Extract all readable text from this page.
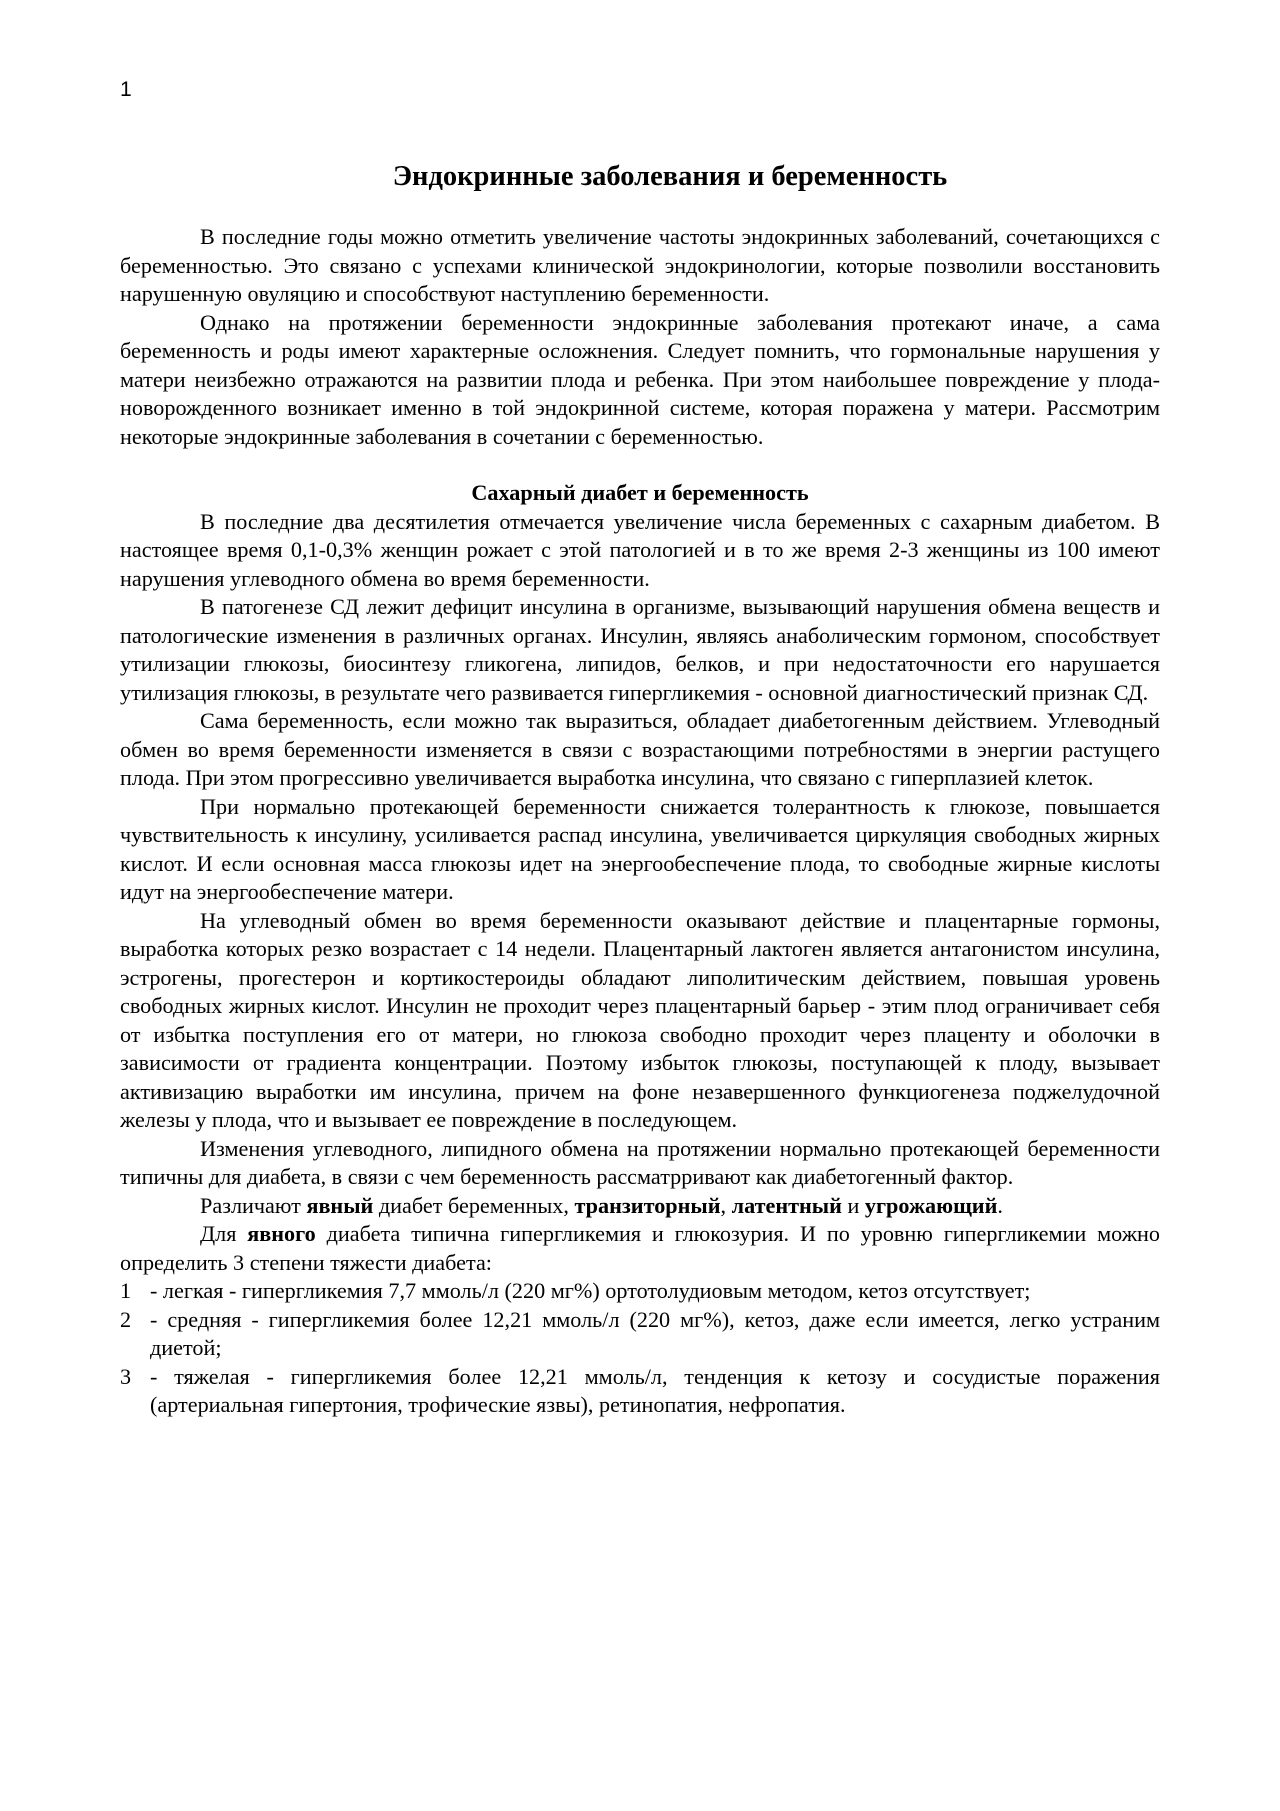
1
Эндокринные заболевания и беременность

В последние годы можно отметить увеличение частоты эндокринных заболеваний, сочетающихся с беременностью. Это связано с успехами клинической эндокринологии, которые позволили восстановить нарушенную овуляцию и способствуют наступлению беременности.

Однако на протяжении беременности эндокринные заболевания протекают иначе, а сама беременность и роды имеют характерные осложнения. Следует помнить, что гормональные нарушения у матери неизбежно отражаются на развитии плода и ребенка. При этом наибольшее повреждение у плода-новорожденного возникает именно в той эндокринной системе, которая поражена у матери. Рассмотрим некоторые эндокринные заболевания в сочетании с беременностью.

Сахарный диабет и беременность

В последние два десятилетия отмечается увеличение числа беременных с сахарным диабетом. В настоящее время 0,1-0,3% женщин рожает с этой патологией и в то же время 2-3 женщины из 100 имеют нарушения углеводного обмена во время беременности.

В патогенезе СД лежит дефицит инсулина в организме, вызывающий нарушения обмена веществ и патологические изменения в различных органах. Инсулин, являясь анаболическим гормоном, способствует утилизации глюкозы, биосинтезу гликогена, липидов, белков, и при недостаточности его нарушается утилизация глюкозы, в результате чего развивается гипергликемия - основной диагностический признак СД.

Сама беременность, если можно так выразиться, обладает диабетогенным действием. Углеводный обмен во время беременности изменяется в связи с возрастающими потребностями в энергии растущего плода. При этом прогрессивно увеличивается выработка инсулина, что связано с гиперплазией клеток.

При нормально протекающей беременности снижается толерантность к глюкозе, повышается чувствительность к инсулину, усиливается распад инсулина, увеличивается циркуляция свободных жирных кислот. И если основная масса глюкозы идет на энергообеспечение плода, то свободные жирные кислоты идут на энергообеспечение матери.

На углеводный обмен во время беременности оказывают действие и плацентарные гормоны, выработка которых резко возрастает с 14 недели. Плацентарный лактоген является антагонистом инсулина, эстрогены, прогестерон и кортикостероиды обладают липолитическим действием, повышая уровень свободных жирных кислот. Инсулин не проходит через плацентарный барьер - этим плод ограничивает себя от избытка поступления его от матери, но глюкоза свободно проходит через плаценту и оболочки в зависимости от градиента концентрации. Поэтому избыток глюкозы, поступающей к плоду, вызывает активизацию выработки им инсулина, причем на фоне незавершенного функциогенеза поджелудочной железы у плода, что и вызывает ее повреждение в последующем.

Изменения углеводного, липидного обмена на протяжении нормально протекающей беременности типичны для диабета, в связи с чем беременность рассматрривают как диабетогенный фактор.

Различают явный диабет беременных, транзиторный, латентный и угрожающий.

Для явного диабета типична гипергликемия и глюкозурия. И по уровню гипергликемии можно определить 3 степени тяжести диабета:

1 - легкая - гипергликемия 7,7 ммоль/л (220 мг%) ортотолудиовым методом, кетоз отсутствует;
2 - средняя - гипергликемия более 12,21 ммоль/л (220 мг%), кетоз, даже если имеется, легко устраним диетой;
3 - тяжелая - гипергликемия более 12,21 ммоль/л, тенденция к кетозу и сосудистые поражения (артериальная гипертония, трофические язвы), ретинопатия, нефропатия.
